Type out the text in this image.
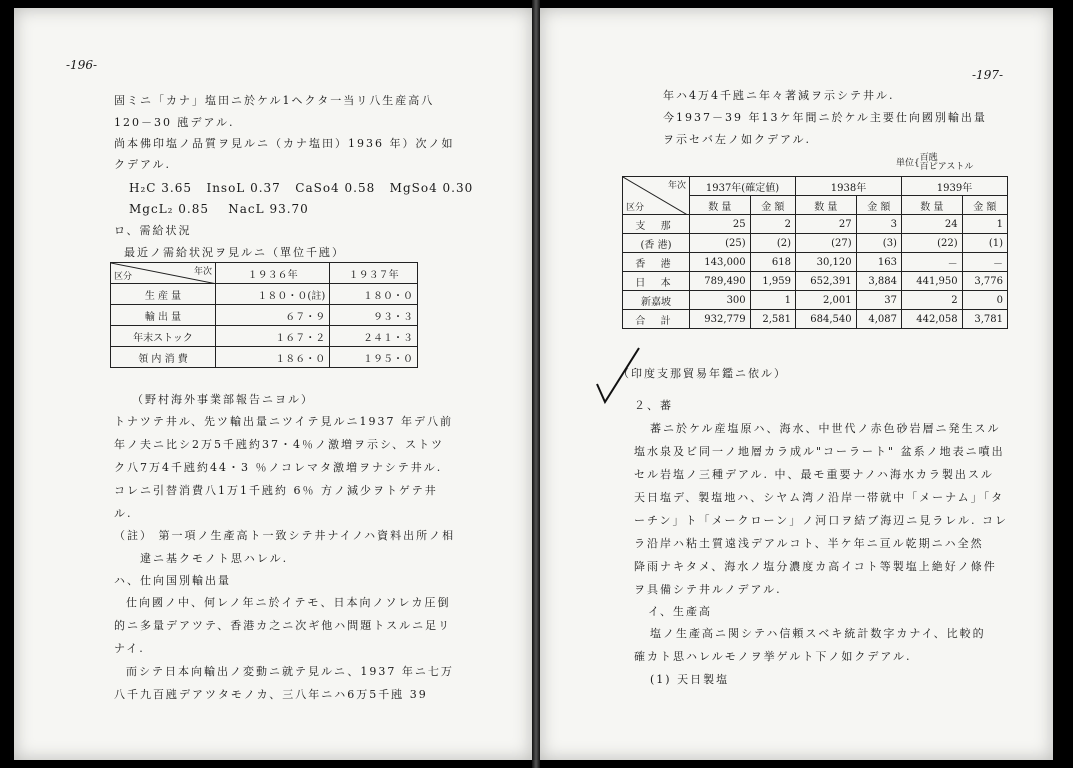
-196-
固ミニ「カナ」塩田ニ於ケル1ヘクタ一当リ八生産高八
120－30 瓲デアル.
尚本佛印塩ノ品質ヲ見ルニ（カナ塩田）1936 年）次ノ如
クデアル.
H₂C 3.65 InsoL 0.37 CaSo4 0.58 MgSo4 0.30
MgcL₂ 0.85 NacL 93.70
ロ、需給状況
最近ノ需給状況ヲ見ルニ（單位千瓲）
年次
区分	１９３６年	１９３７年
生 産 量	１８０・０(註)	１８０・０
輸 出 量	６７・９	９３・３
年末ストック	１６７・２	２４１・３
領 内 消 費	１８６・０	１９５・０
（野村海外事業部報告ニヨル）
トナツテ井ル、先ツ輸出量ニツイテ見ルニ1937 年デ八前
年ノ夫ニ比シ2万5千瓲約37・4％ノ激増ヲ示シ、ストツ
ク八7万4千瓲約44・3 ％ノコレマタ激増ヲナシテ井ル.
コレニ引替消費八1万1千瓲約 6％ 方ノ減少ヲトゲテ井
ル.
（註） 第一項ノ生產高ト一致シテ井ナイノハ資料出所ノ相
違ニ基クモノト思ハレル.
ハ、仕向国別輸出量
仕向國ノ中、何レノ年ニ於イテモ、日本向ノソレカ圧倒
的ニ多量デアツテ、香港カ之ニ次ギ他ハ問題トスルニ足リ
ナイ.
而シテ日本向輸出ノ変動ニ就テ見ルニ、1937 年ニ七万
八千九百瓲デアツタモノカ、三八年ニハ6万5千瓲 39
-197-
年ハ4万4千瓲ニ年々著減ヲ示シテ井ル.
今1937－39 年13ケ年間ニ於ケル主要仕向國別輸出量
ヲ示セバ左ノ如クデアル.
単位{百瓲
百ピアストル
年次
区分	1937年(確定値)		1938年		1939年	
	数 量	金 額	数 量	金 額	数 量	金 額
支 那	25	2	27	3	24	1
(香 港)	(25)	(2)	(27)	(3)	(22)	(1)
香 港	143,000	618	30,120	163	－	－
日 本	789,490	1,959	652,391	3,884	441,950	3,776
新嘉坡	300	1	2,001	37	2	0
合 計	932,779	2,581	684,540	4,087	442,058	3,781
（印度支那貿易年鑑ニ依ル）
２、蕃
蕃ニ於ケル産塩原ハ、海水、中世代ノ赤色砂岩層ニ発生スル
塩水泉及ビ同一ノ地層カラ成ル"コーラート" 盆系ノ地表ニ噴出
セル岩塩ノ三種デアル. 中、最モ重要ナノハ海水カラ製出スル
天日塩デ、製塩地ハ、シヤム湾ノ沿岸一帯就中「メーナム」「タ
ーチン」ト「メークローン」ノ河口ヲ結ブ海辺ニ見ラレル. コレ
ラ沿岸ハ粘土質遠浅デアルコト、半ケ年ニ亘ル乾期ニハ全然
降雨ナキタメ、海水ノ塩分濃度カ高イコト等製塩上絶好ノ條件
ヲ具備シテ井ルノデアル.
イ、生產高
塩ノ生產高ニ関シテハ信頼スベキ統計数字カナイ、比較的
確カト思ハレルモノヲ挙ゲルト下ノ如クデアル.
(1) 天日製塩
